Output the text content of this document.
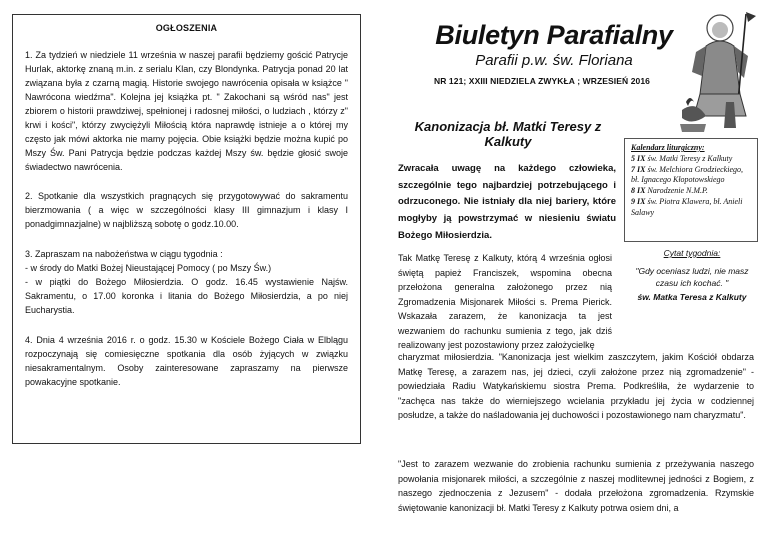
OGŁOSZENIA
1. Za tydzień w niedziele 11 września w naszej parafii będziemy gościć Patrycje Hurlak, aktorkę znaną m.in. z serialu Klan, czy Blondynka. Patrycja ponad 20 lat związana była z czarną magią. Historie swojego nawrócenia opisała w książce " Nawrócona wiedźma". Kolejna jej książka pt. " Zakochani są wśród nas" jest zbiorem o historii prawdziwej, spełnionej i radosnej miłości, o ludziach , którzy z" krwi i kości", którzy zwyciężyli Miłością która naprawdę istnieje a o której my często jak mówi aktorka nie mamy pojęcia. Obie książki będzie można kupić po Mszy Św. Pani Patrycja będzie podczas każdej Mszy św. będzie głosić swoje świadectwo nawrócenia.
2. Spotkanie dla wszystkich pragnących się przygotowywać do sakramentu bierzmowania ( a więc w szczególności klasy III gimnazjum i klasy I ponadgimnazjalne) w najbliższą sobotę o godz.10.00.
3. Zapraszam na nabożeństwa w ciągu tygodnia :
- w środy do Matki Bożej Nieustającej Pomocy ( po Mszy Św.)
- w piątki do Bożego Miłosierdzia. O godz. 16.45 wystawienie Najśw. Sakramentu, o 17.00 koronka i litania do Bożego Miłosierdzia, a po niej Eucharystia.
4. Dnia 4 września 2016 r. o godz. 15.30 w Kościele Bożego Ciała w Elblągu rozpoczynają się comiesięczne spotkania dla osób żyjących w związku niesakramentalnym. Osoby zainteresowane zapraszamy na pierwsze powakacyjne spotkanie.
Biuletyn Parafialny
Parafii p.w. św. Floriana
NR 121; XXIII NIEDZIELA ZWYKŁA ; WRZESIEŃ 2016
Kanonizacja bł. Matki Teresy z Kalkuty
Zwracała uwagę na każdego człowieka, szczególnie tego najbardziej potrzebującego i odrzuconego. Nie istniały dla niej bariery, które mogłyby ją powstrzymać w niesieniu światu Bożego Miłosierdzia.
Kalendarz liturgiczny:
5 IX św. Matki Teresy z Kalkuty
7 IX św. Melchiora Grodzieckiego, bł. Ignacego Kłopotowskiego
8 IX Narodzenie N.M.P.
9 IX św. Piotra Klawera, bł. Anieli Salawy
Cytat tygodnia:
"Gdy oceniasz ludzi, nie masz czasu ich kochać. "
św. Matka Teresa z Kalkuty
Tak Matkę Teresę z Kalkuty, którą 4 września ogłosi świętą papież Franciszek, wspomina obecna przełożona generalna założonego przez nią Zgromadzenia Misjonarek Miłości s. Prema Pierick. Wskazała zarazem, że kanonizacja ta jest wezwaniem do rachunku sumienia z tego, jak dziś realizowany jest pozostawiony przez założycielkę
charyzmat miłosierdzia. "Kanonizacja jest wielkim zaszczytem, jakim Kościół obdarza Matkę Teresę, a zarazem nas, jej dzieci, czyli założone przez nią zgromadzenie" - powiedziała Radiu Watykańskiemu siostra Prema. Podkreśliła, że wydarzenie to "zachęca nas także do wierniejszego wcielania przykładu jej życia w codziennej posłudze, a także do naśladowania jej duchowości i pozostawionego nam charyzmatu".
"Jest to zarazem wezwanie do zrobienia rachunku sumienia z przeżywania naszego powołania misjonarek miłości, a szczególnie z naszej modlitewnej jedności z Bogiem, z naszego zjednoczenia z Jezusem" - dodała przełożona zgromadzenia. Rzymskie świętowanie kanonizacji bł. Matki Teresy z Kalkuty potrwa osiem dni, a
